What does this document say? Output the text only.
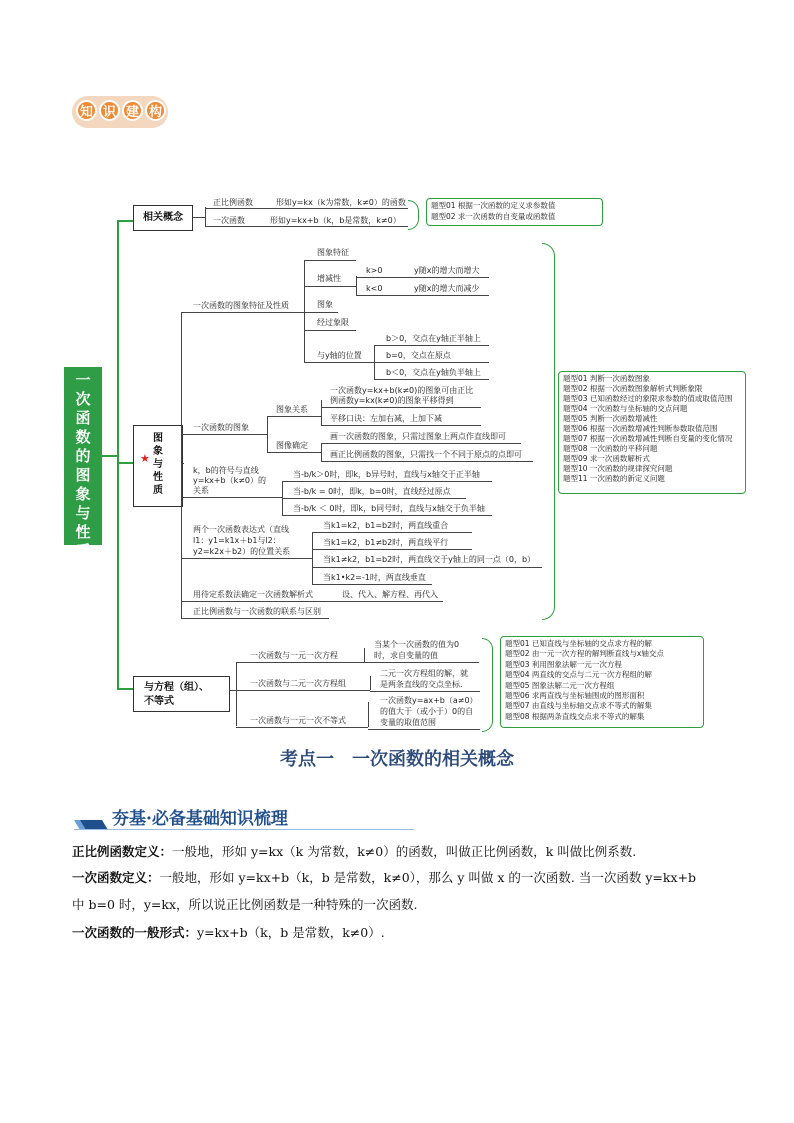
知 识 建 构
一
次
函
数
的
图
象
与
性
质
相关概念
正比例函数	形如y=kx（k为常数，k≠0）的函数
一次函数	形如y=kx+b（k，b是常数，k≠0）
题型01 根据一次函数的定义求参数值
题型02 求一次函数的自变量或函数值
图
象
与
性
质
★
一次函数的图象特征及性质
图象特征
增减性
k>0	y随x的增大而增大
k<0	y随x的增大而减少
图象
经过象限
与y轴的位置
b＞0，交点在y轴正半轴上
b=0，交点在原点
b＜0，交点在y轴负半轴上
一次函数的图象
图象关系
一次函数y=kx+b(k≠0)的图象可由正比
例函数y=kx(k≠0)的图象平移得到
平移口诀：左加右减，上加下减
图像确定
画一次函数的图象，只需过图象上两点作直线即可
画正比例函数的图象，只需找一个不同于原点的点即可
k，b的符号与直线
y=kx+b（k≠0）的
关系
当-b/k＞0时，即k，b异号时，直线与x轴交于正半轴
当-b/k = 0时，即k，b=0时，直线经过原点
当-b/k ＜ 0时，即k，b同号时，直线与x轴交于负半轴
两个一次函数表达式（直线
l1：y1=k1x＋b1与l2：
y2=k2x＋b2）的位置关系
当k1=k2，b1=b2时，两直线重合
当k1=k2，b1≠b2时，两直线平行
当k1≠k2，b1=b2时，两直线交于y轴上的同一点（0，b）
当k1•k2=-1时，两直线垂直
用待定系数法确定一次函数解析式	设、代入、解方程、再代入
正比例函数与一次函数的联系与区别
题型01 判断一次函数图象
题型02 根据一次函数图象解析式判断象限
题型03 已知函数经过的象限求参数的值或取值范围
题型04 一次函数与坐标轴的交点问题
题型05 判断一次函数增减性
题型06 根据一次函数增减性判断参数取值范围
题型07 根据一次函数增减性判断自变量的变化情况
题型08 一次函数的平移问题
题型09 求一次函数解析式
题型10 一次函数的规律探究问题
题型11 一次函数的新定义问题
与方程（组）、
不等式
一次函数与一元一次方程
当某个一次函数的值为0
时，求自变量的值
一次函数与二元一次方程组
二元一次方程组的解，就
是两条直线的交点坐标.
一次函数与一元一次不等式
一次函数y=ax+b（a≠0）
的值大于（或小于）0的自
变量的取值范围
题型01 已知直线与坐标轴的交点求方程的解
题型02 由一元一次方程的解判断直线与x轴交点
题型03 利用图象法解一元一次方程
题型04 两直线的交点与二元一次方程组的解
题型05 图象法解二元一次方程组
题型06 求两直线与坐标轴围成的图形面积
题型07 由直线与坐标轴交点求不等式的解集
题型08 根据两条直线交点求不等式的解集
考点一　一次函数的相关概念
夯基·必备基础知识梳理
正比例函数定义：一般地，形如 y=kx（k 为常数，k≠0）的函数，叫做正比例函数，k 叫做比例系数.
一次函数定义：一般地，形如 y=kx+b（k，b 是常数，k≠0），那么 y 叫做 x 的一次函数. 当一次函数 y=kx+b
中 b=0 时，y=kx，所以说正比例函数是一种特殊的一次函数.
一次函数的一般形式：y=kx+b（k，b 是常数，k≠0）.
